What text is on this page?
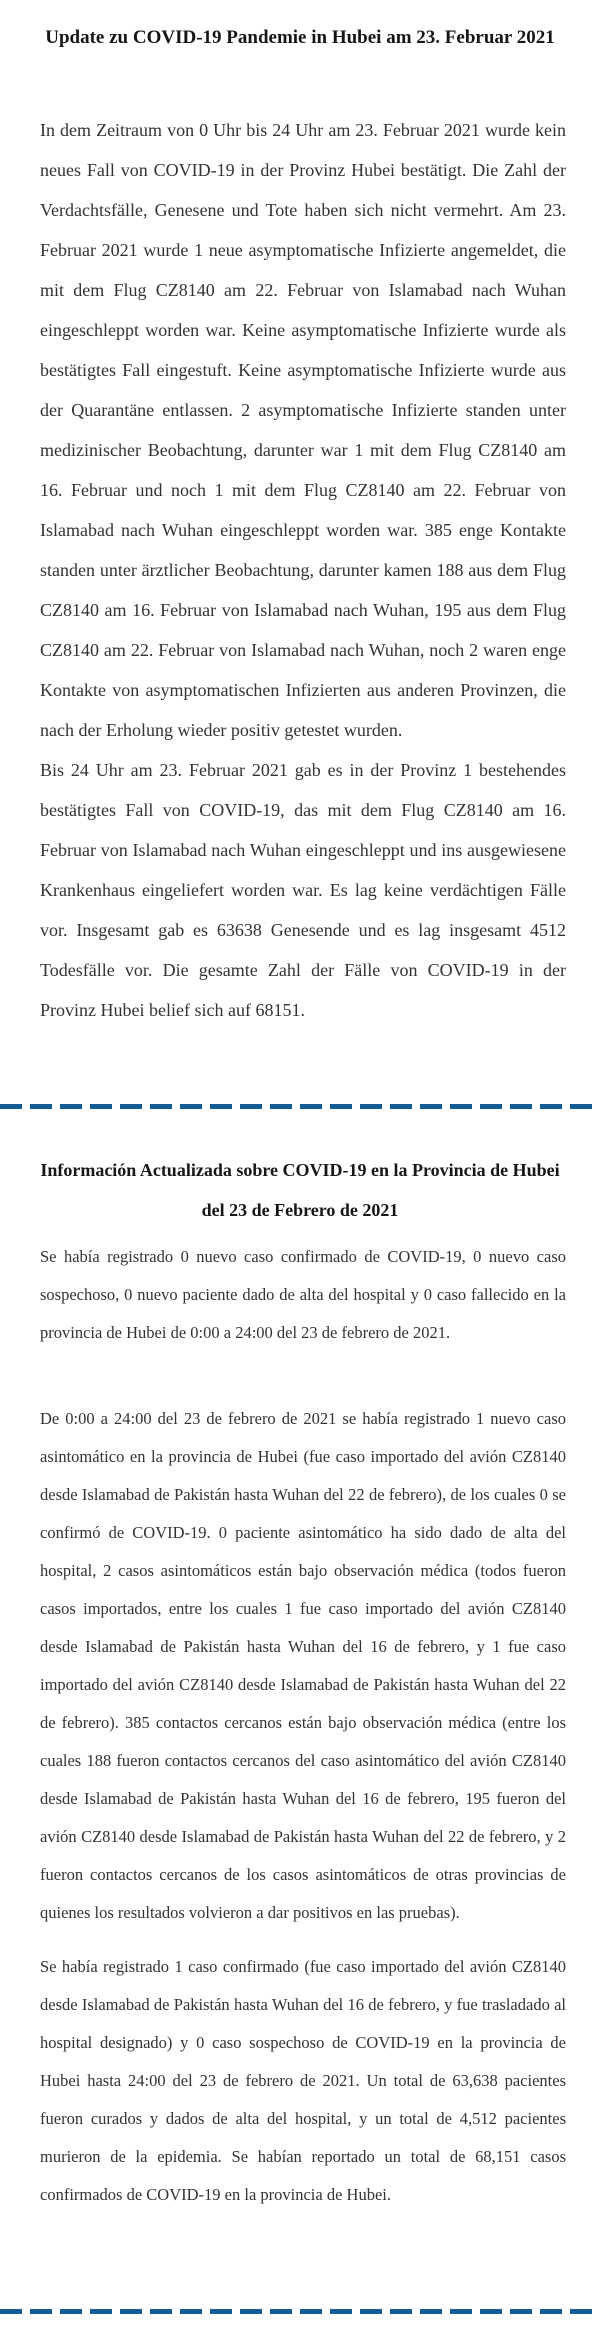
Update zu COVID-19 Pandemie in Hubei am 23. Februar 2021

In dem Zeitraum von 0 Uhr bis 24 Uhr am 23. Februar 2021 wurde kein neues Fall von COVID-19 in der Provinz Hubei bestätigt. Die Zahl der Verdachtsfälle, Genesene und Tote haben sich nicht vermehrt. Am 23. Februar 2021 wurde 1 neue asymptomatische Infizierte angemeldet, die mit dem Flug CZ8140 am 22. Februar von Islamabad nach Wuhan eingeschleppt worden war. Keine asymptomatische Infizierte wurde als bestätigtes Fall eingestuft. Keine asymptomatische Infizierte wurde aus der Quarantäne entlassen. 2 asymptomatische Infizierte standen unter medizinischer Beobachtung, darunter war 1 mit dem Flug CZ8140 am 16. Februar und noch 1 mit dem Flug CZ8140 am 22. Februar von Islamabad nach Wuhan eingeschleppt worden war. 385 enge Kontakte standen unter ärztlicher Beobachtung, darunter kamen 188 aus dem Flug CZ8140 am 16. Februar von Islamabad nach Wuhan, 195 aus dem Flug CZ8140 am 22. Februar von Islamabad nach Wuhan, noch 2 waren enge Kontakte von asymptomatischen Infizierten aus anderen Provinzen, die nach der Erholung wieder positiv getestet wurden.

Bis 24 Uhr am 23. Februar 2021 gab es in der Provinz 1 bestehendes bestätigtes Fall von COVID-19, das mit dem Flug CZ8140 am 16. Februar von Islamabad nach Wuhan eingeschleppt und ins ausgewiesene Krankenhaus eingeliefert worden war. Es lag keine verdächtigen Fälle vor. Insgesamt gab es 63638 Genesende und es lag insgesamt 4512 Todesfälle vor. Die gesamte Zahl der Fälle von COVID-19 in der Provinz Hubei belief sich auf 68151.

Información Actualizada sobre COVID-19 en la Provincia de Hubei
del 23 de Febrero de 2021

Se había registrado 0 nuevo caso confirmado de COVID-19, 0 nuevo caso sospechoso, 0 nuevo paciente dado de alta del hospital y 0 caso fallecido en la provincia de Hubei de 0:00 a 24:00 del 23 de febrero de 2021.

De 0:00 a 24:00 del 23 de febrero de 2021 se había registrado 1 nuevo caso asintomático en la provincia de Hubei (fue caso importado del avión CZ8140 desde Islamabad de Pakistán hasta Wuhan del 22 de febrero), de los cuales 0 se confirmó de COVID-19. 0 paciente asintomático ha sido dado de alta del hospital, 2 casos asintomáticos están bajo observación médica (todos fueron casos importados, entre los cuales 1 fue caso importado del avión CZ8140 desde Islamabad de Pakistán hasta Wuhan del 16 de febrero, y 1 fue caso importado del avión CZ8140 desde Islamabad de Pakistán hasta Wuhan del 22 de febrero). 385 contactos cercanos están bajo observación médica (entre los cuales 188 fueron contactos cercanos del caso asintomático del avión CZ8140 desde Islamabad de Pakistán hasta Wuhan del 16 de febrero, 195 fueron del avión CZ8140 desde Islamabad de Pakistán hasta Wuhan del 22 de febrero, y 2 fueron contactos cercanos de los casos asintomáticos de otras provincias de quienes los resultados volvieron a dar positivos en las pruebas).

Se había registrado 1 caso confirmado (fue caso importado del avión CZ8140 desde Islamabad de Pakistán hasta Wuhan del 16 de febrero, y fue trasladado al hospital designado) y 0 caso sospechoso de COVID-19 en la provincia de Hubei hasta 24:00 del 23 de febrero de 2021. Un total de 63,638 pacientes fueron curados y dados de alta del hospital, y un total de 4,512 pacientes murieron de la epidemia. Se habían reportado un total de 68,151 casos confirmados de COVID-19 en la provincia de Hubei.
